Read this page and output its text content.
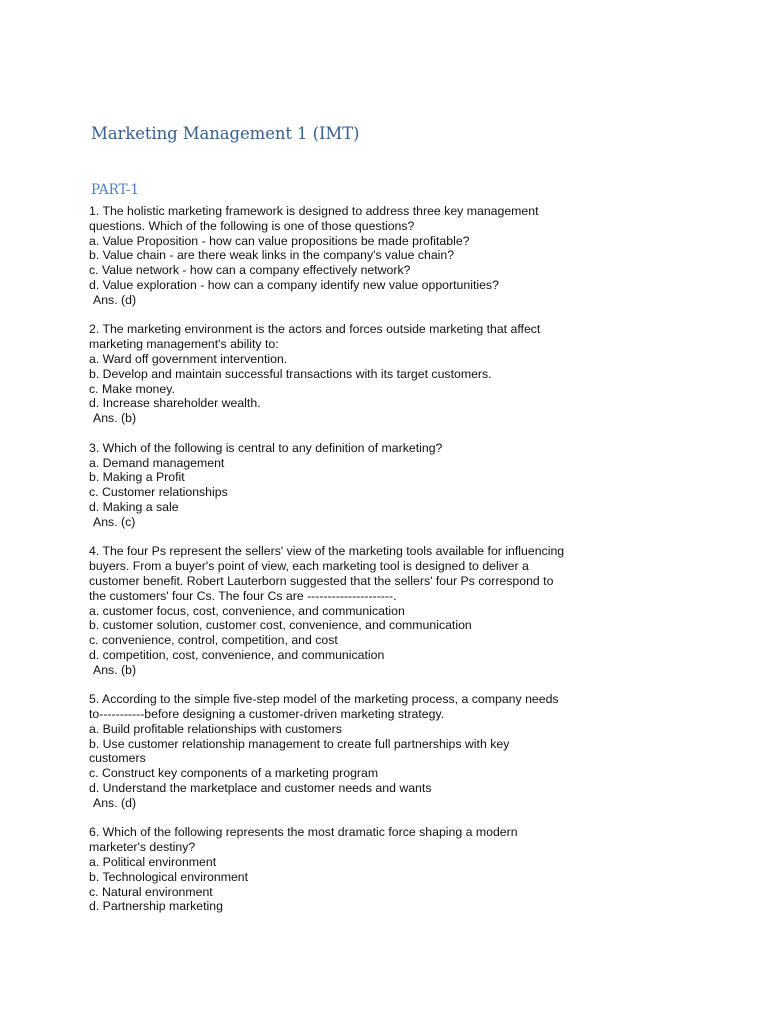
Marketing Management 1 (IMT)
PART-1
1. The holistic marketing framework is designed to address three key management
questions. Which of the following is one of those questions?
a. Value Proposition - how can value propositions be made profitable?
b. Value chain - are there weak links in the company's value chain?
c. Value network - how can a company effectively network?
d. Value exploration - how can a company identify new value opportunities?
Ans. (d)
2. The marketing environment is the actors and forces outside marketing that affect
marketing management's ability to:
a. Ward off government intervention.
b. Develop and maintain successful transactions with its target customers.
c. Make money.
d. Increase shareholder wealth.
Ans. (b)
3. Which of the following is central to any definition of marketing?
a. Demand management
b. Making a Profit
c. Customer relationships
d. Making a sale
Ans. (c)
4. The four Ps represent the sellers' view of the marketing tools available for influencing
buyers. From a buyer's point of view, each marketing tool is designed to deliver a
customer benefit. Robert Lauterborn suggested that the sellers' four Ps correspond to
the customers' four Cs. The four Cs are ---------------------.
a. customer focus, cost, convenience, and communication
b. customer solution, customer cost, convenience, and communication
c. convenience, control, competition, and cost
d. competition, cost, convenience, and communication
Ans. (b)
5. According to the simple five-step model of the marketing process, a company needs
to-----------before designing a customer-driven marketing strategy.
a. Build profitable relationships with customers
b. Use customer relationship management to create full partnerships with key
customers
c. Construct key components of a marketing program
d. Understand the marketplace and customer needs and wants
Ans. (d)
6. Which of the following represents the most dramatic force shaping a modern
marketer's destiny?
a. Political environment
b. Technological environment
c. Natural environment
d. Partnership marketing
